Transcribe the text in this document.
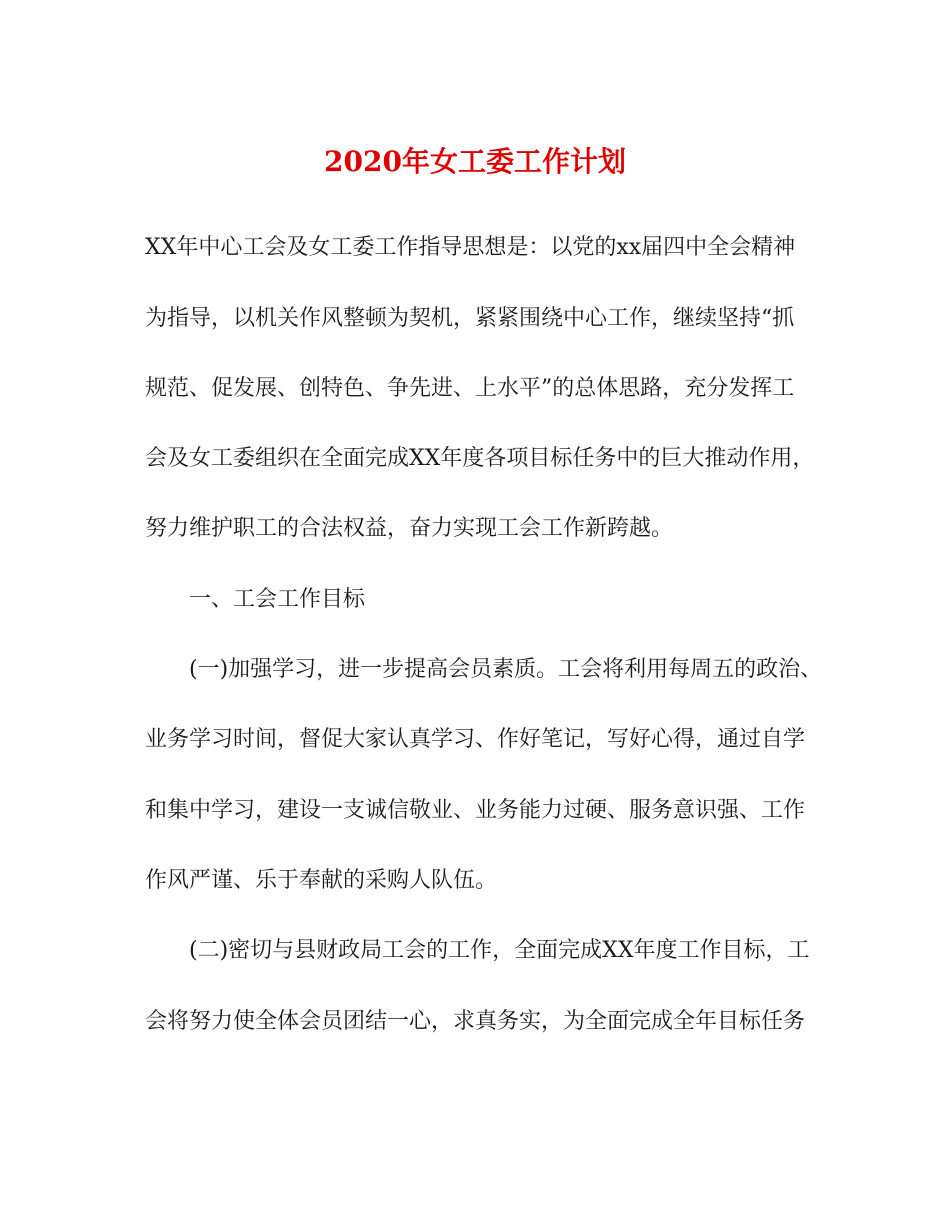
2020年女工委工作计划
XX年中心工会及女工委工作指导思想是：以党的xx届四中全会精神
为指导，以机关作风整顿为契机，紧紧围绕中心工作，继续坚持“抓
规范、促发展、创特色、争先进、上水平”的总体思路，充分发挥工
会及女工委组织在全面完成XX年度各项目标任务中的巨大推动作用，
努力维护职工的合法权益，奋力实现工会工作新跨越。
一、工会工作目标
(一)加强学习，进一步提高会员素质。工会将利用每周五的政治、
业务学习时间，督促大家认真学习、作好笔记，写好心得，通过自学
和集中学习，建设一支诚信敬业、业务能力过硬、服务意识强、工作
作风严谨、乐于奉献的采购人队伍。
(二)密切与县财政局工会的工作，全面完成XX年度工作目标，工
会将努力使全体会员团结一心，求真务实，为全面完成全年目标任务
